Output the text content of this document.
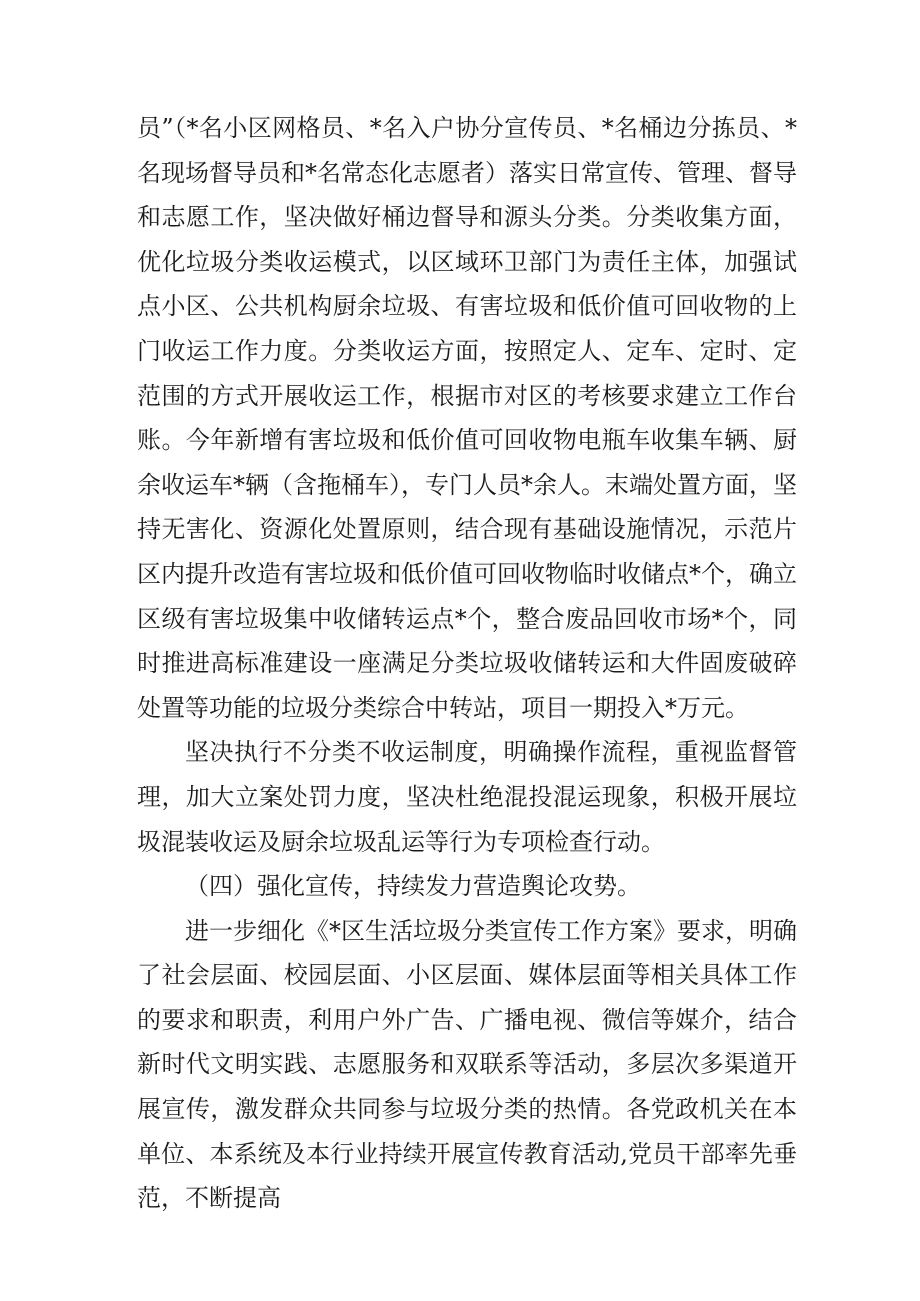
员”（*名小区网格员、*名入户协分宣传员、*名桶边分拣员、*名现场督导员和*名常态化志愿者）落实日常宣传、管理、督导和志愿工作，坚决做好桶边督导和源头分类。分类收集方面，优化垃圾分类收运模式，以区域环卫部门为责任主体，加强试点小区、公共机构厨余垃圾、有害垃圾和低价值可回收物的上门收运工作力度。分类收运方面，按照定人、定车、定时、定范围的方式开展收运工作，根据市对区的考核要求建立工作台账。今年新增有害垃圾和低价值可回收物电瓶车收集车辆、厨余收运车*辆（含拖桶车），专门人员*余人。末端处置方面，坚持无害化、资源化处置原则，结合现有基础设施情况，示范片区内提升改造有害垃圾和低价值可回收物临时收储点*个，确立区级有害垃圾集中收储转运点*个，整合废品回收市场*个，同时推进高标准建设一座满足分类垃圾收储转运和大件固废破碎处置等功能的垃圾分类综合中转站，项目一期投入*万元。

坚决执行不分类不收运制度，明确操作流程，重视监督管理，加大立案处罚力度，坚决杜绝混投混运现象，积极开展垃圾混装收运及厨余垃圾乱运等行为专项检查行动。

（四）强化宣传，持续发力营造舆论攻势。

进一步细化《*区生活垃圾分类宣传工作方案》要求，明确了社会层面、校园层面、小区层面、媒体层面等相关具体工作的要求和职责，利用户外广告、广播电视、微信等媒介，结合新时代文明实践、志愿服务和双联系等活动，多层次多渠道开展宣传，激发群众共同参与垃圾分类的热情。各党政机关在本单位、本系统及本行业持续开展宣传教育活动,党员干部率先垂范，不断提高
